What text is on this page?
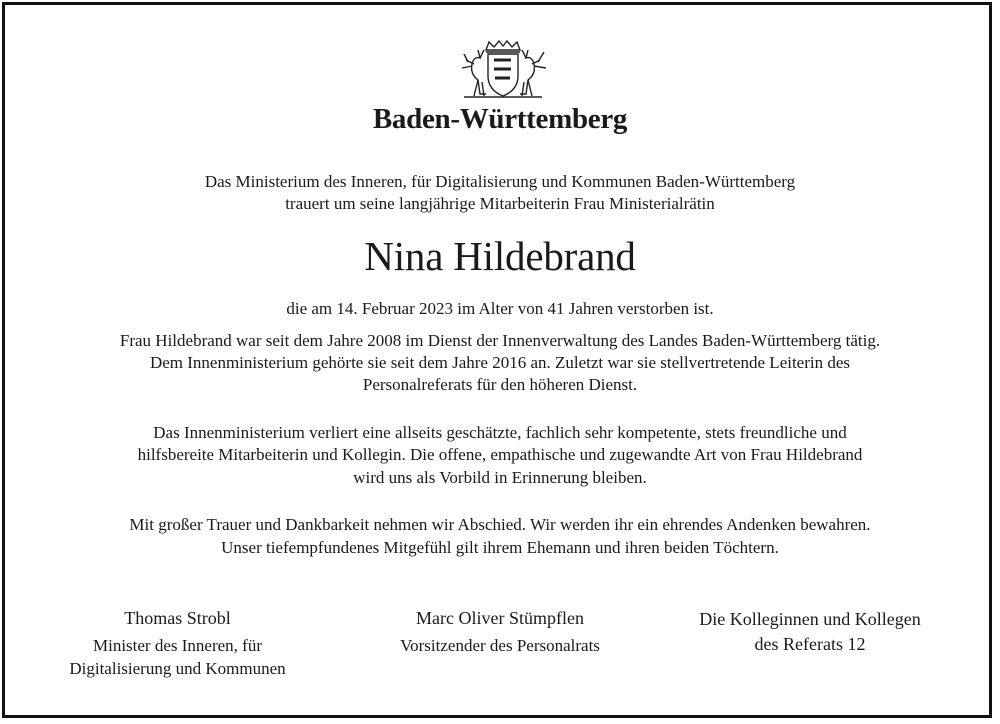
Baden-Württemberg
Das Ministerium des Inneren, für Digitalisierung und Kommunen Baden-Württemberg
trauert um seine langjährige Mitarbeiterin Frau Ministerialrätin
Nina Hildebrand
die am 14. Februar 2023 im Alter von 41 Jahren verstorben ist.
Frau Hildebrand war seit dem Jahre 2008 im Dienst der Innenverwaltung des Landes Baden-Württemberg tätig.
Dem Innenministerium gehörte sie seit dem Jahre 2016 an. Zuletzt war sie stellvertretende Leiterin des
Personalreferats für den höheren Dienst.
Das Innenministerium verliert eine allseits geschätzte, fachlich sehr kompetente, stets freundliche und
hilfsbereite Mitarbeiterin und Kollegin. Die offene, empathische und zugewandte Art von Frau Hildebrand
wird uns als Vorbild in Erinnerung bleiben.
Mit großer Trauer und Dankbarkeit nehmen wir Abschied. Wir werden ihr ein ehrendes Andenken bewahren.
Unser tiefempfundenes Mitgefühl gilt ihrem Ehemann und ihren beiden Töchtern.
Thomas Strobl
Minister des Inneren, für
Digitalisierung und Kommunen
Marc Oliver Stümpflen
Vorsitzender des Personalrats
Die Kolleginnen und Kollegen
des Referats 12
